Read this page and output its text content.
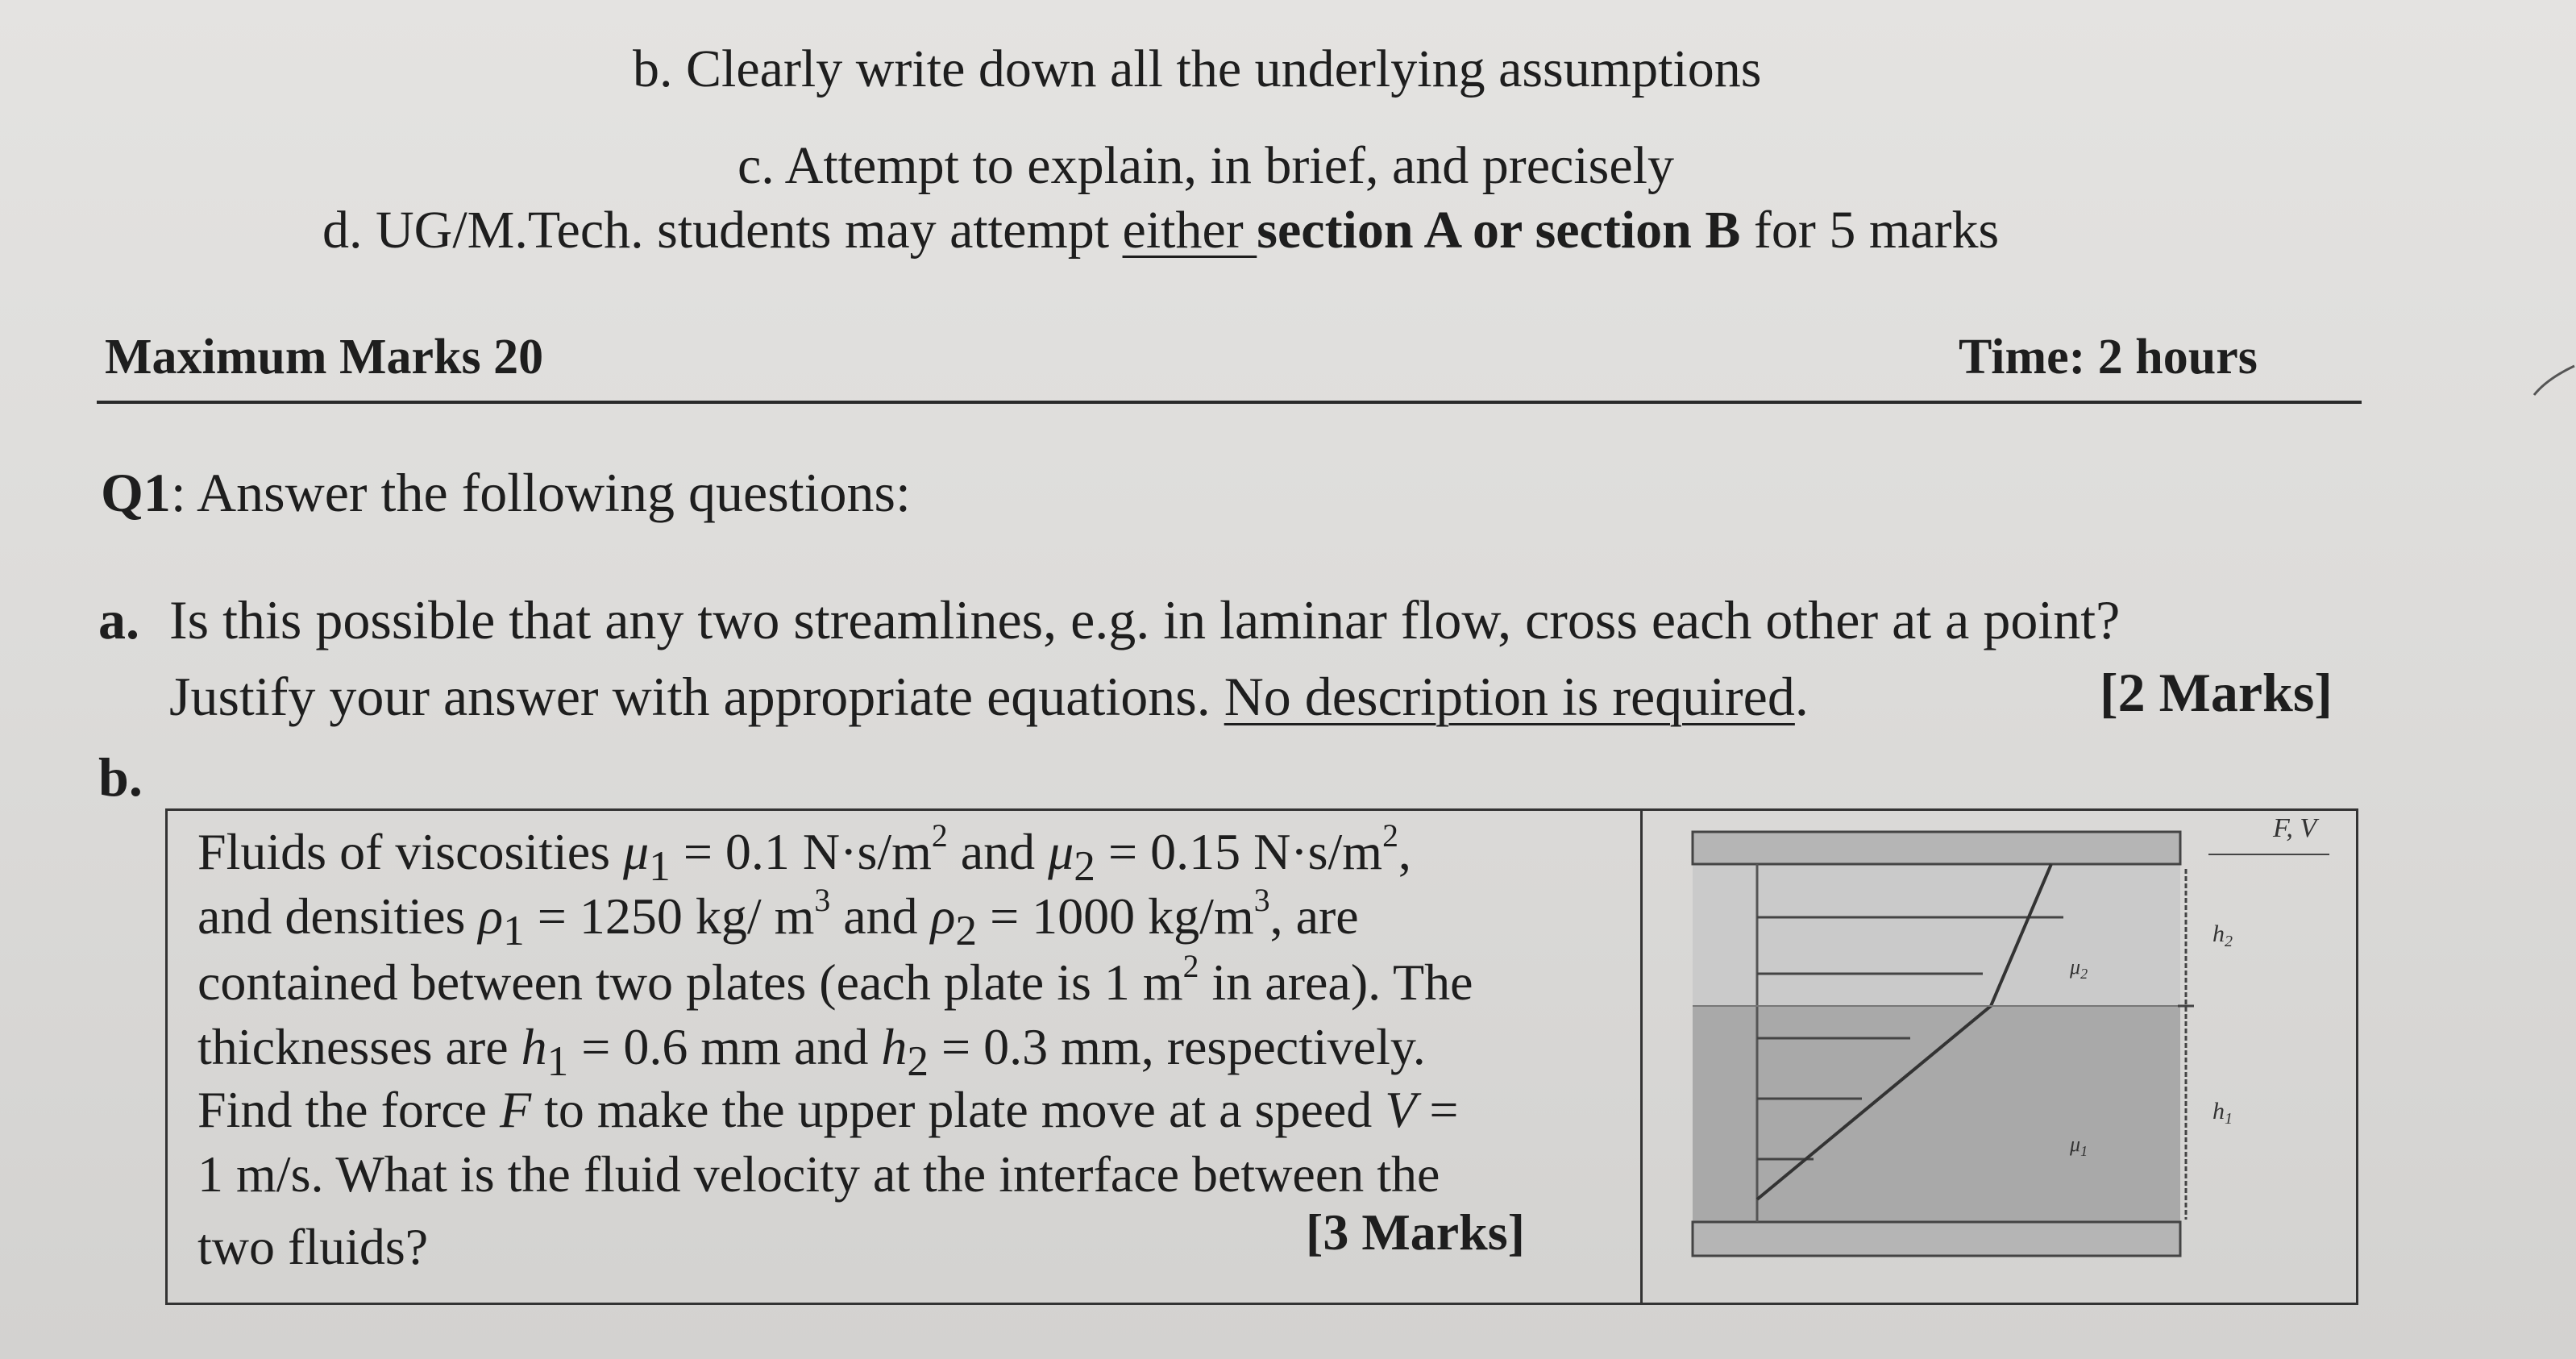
b. Clearly write down all the underlying assumptions
c. Attempt to explain, in brief, and precisely
d. UG/M.Tech. students may attempt either section A or section B for 5 marks
Maximum Marks 20	Time: 2 hours
Q1: Answer the following questions:
a. Is this possible that any two streamlines, e.g. in laminar flow, cross each other at a point?
Justify your answer with appropriate equations. No description is required.	[2 Marks]
b.
Fluids of viscosities $\mu_1 = 0.1$ $N\cdot s/m^2$ and $\mu_2 = 0.15$ $N\cdot s/m^2$,
and densities $\rho_1 = 1250$ kg/ $m^3$ and $\rho_2 = 1000$ $kg/m^3$, are
contained between two plates (each plate is 1 $m^2$ in area). The
thicknesses are $h_1 = 0.6$ mm and $h_2 = 0.3$ mm, respectively.
Find the force F to make the upper plate move at a speed V =
1 m/s. What is the fluid velocity at the interface between the
two fluids?	[3 Marks]
$\mu_2$
$\mu_1$
F, V
$h_2$
$h_1$
